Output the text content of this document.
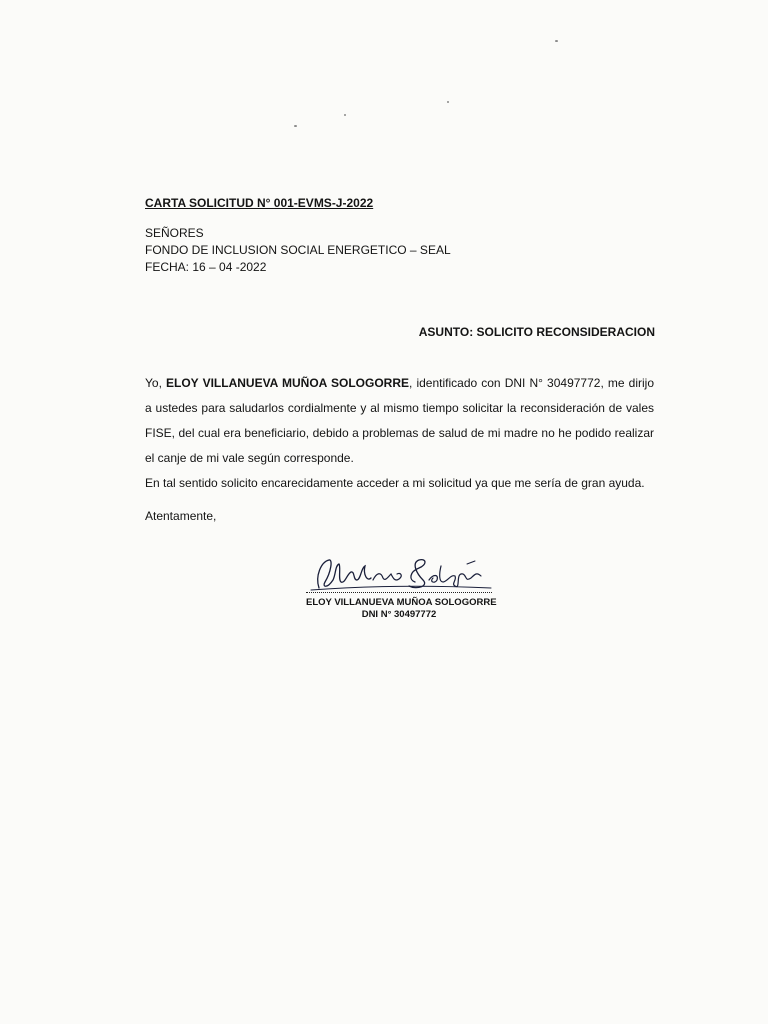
CARTA SOLICITUD N° 001-EVMS-J-2022
SEÑORES
FONDO DE INCLUSION SOCIAL ENERGETICO – SEAL
FECHA: 16 – 04 -2022
ASUNTO: SOLICITO RECONSIDERACION
Yo, ELOY VILLANUEVA MUÑOA SOLOGORRE, identificado con DNI N° 30497772, me dirijo a ustedes para saludarlos cordialmente y al mismo tiempo solicitar la reconsideración de vales FISE, del cual era beneficiario, debido a problemas de salud de mi madre no he podido realizar el canje de mi vale según corresponde.
En tal sentido solicito encarecidamente acceder a mi solicitud ya que me sería de gran ayuda.
Atentamente,
ELOY VILLANUEVA MUÑOA SOLOGORRE
DNI N° 30497772
